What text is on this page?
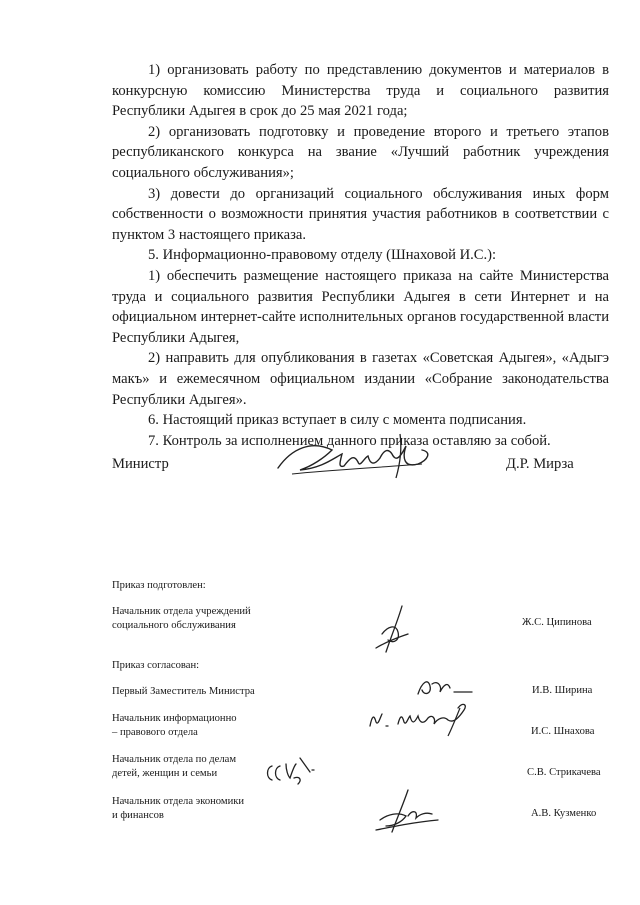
1) организовать работу по представлению документов и материалов в конкурсную комиссию Министерства труда и социального развития Республики Адыгея в срок до 25 мая 2021 года;

2) организовать подготовку и проведение второго и третьего этапов республиканского конкурса на звание «Лучший работник учреждения социального обслуживания»;

3) довести до организаций социального обслуживания иных форм собственности о возможности принятия участия работников в соответствии с пунктом 3 настоящего приказа.

5. Информационно-правовому отделу (Шнаховой И.С.):

1) обеспечить размещение настоящего приказа на сайте Министерства труда и социального развития Республики Адыгея в сети Интернет и на официальном интернет-сайте исполнительных органов государственной власти Республики Адыгея,

2) направить для опубликования в газетах «Советская Адыгея», «Адыгэ макъ» и ежемесячном официальном издании «Собрание законодательства Республики Адыгея».

6. Настоящий приказ вступает в силу с момента подписания.

7. Контроль за исполнением данного приказа оставляю за собой.

Министр	Д.Р. Мирза
Приказ подготовлен:
Начальник отдела учреждений
социального обслуживания	Ж.С. Ципинова
Приказ согласован:
Первый Заместитель Министра	И.В. Ширина
Начальник информационно
– правового отдела	И.С. Шнахова
Начальник отдела по делам
детей, женщин и семьи	С.В. Стрикачева
Начальник отдела экономики
и финансов	А.В. Кузменко
